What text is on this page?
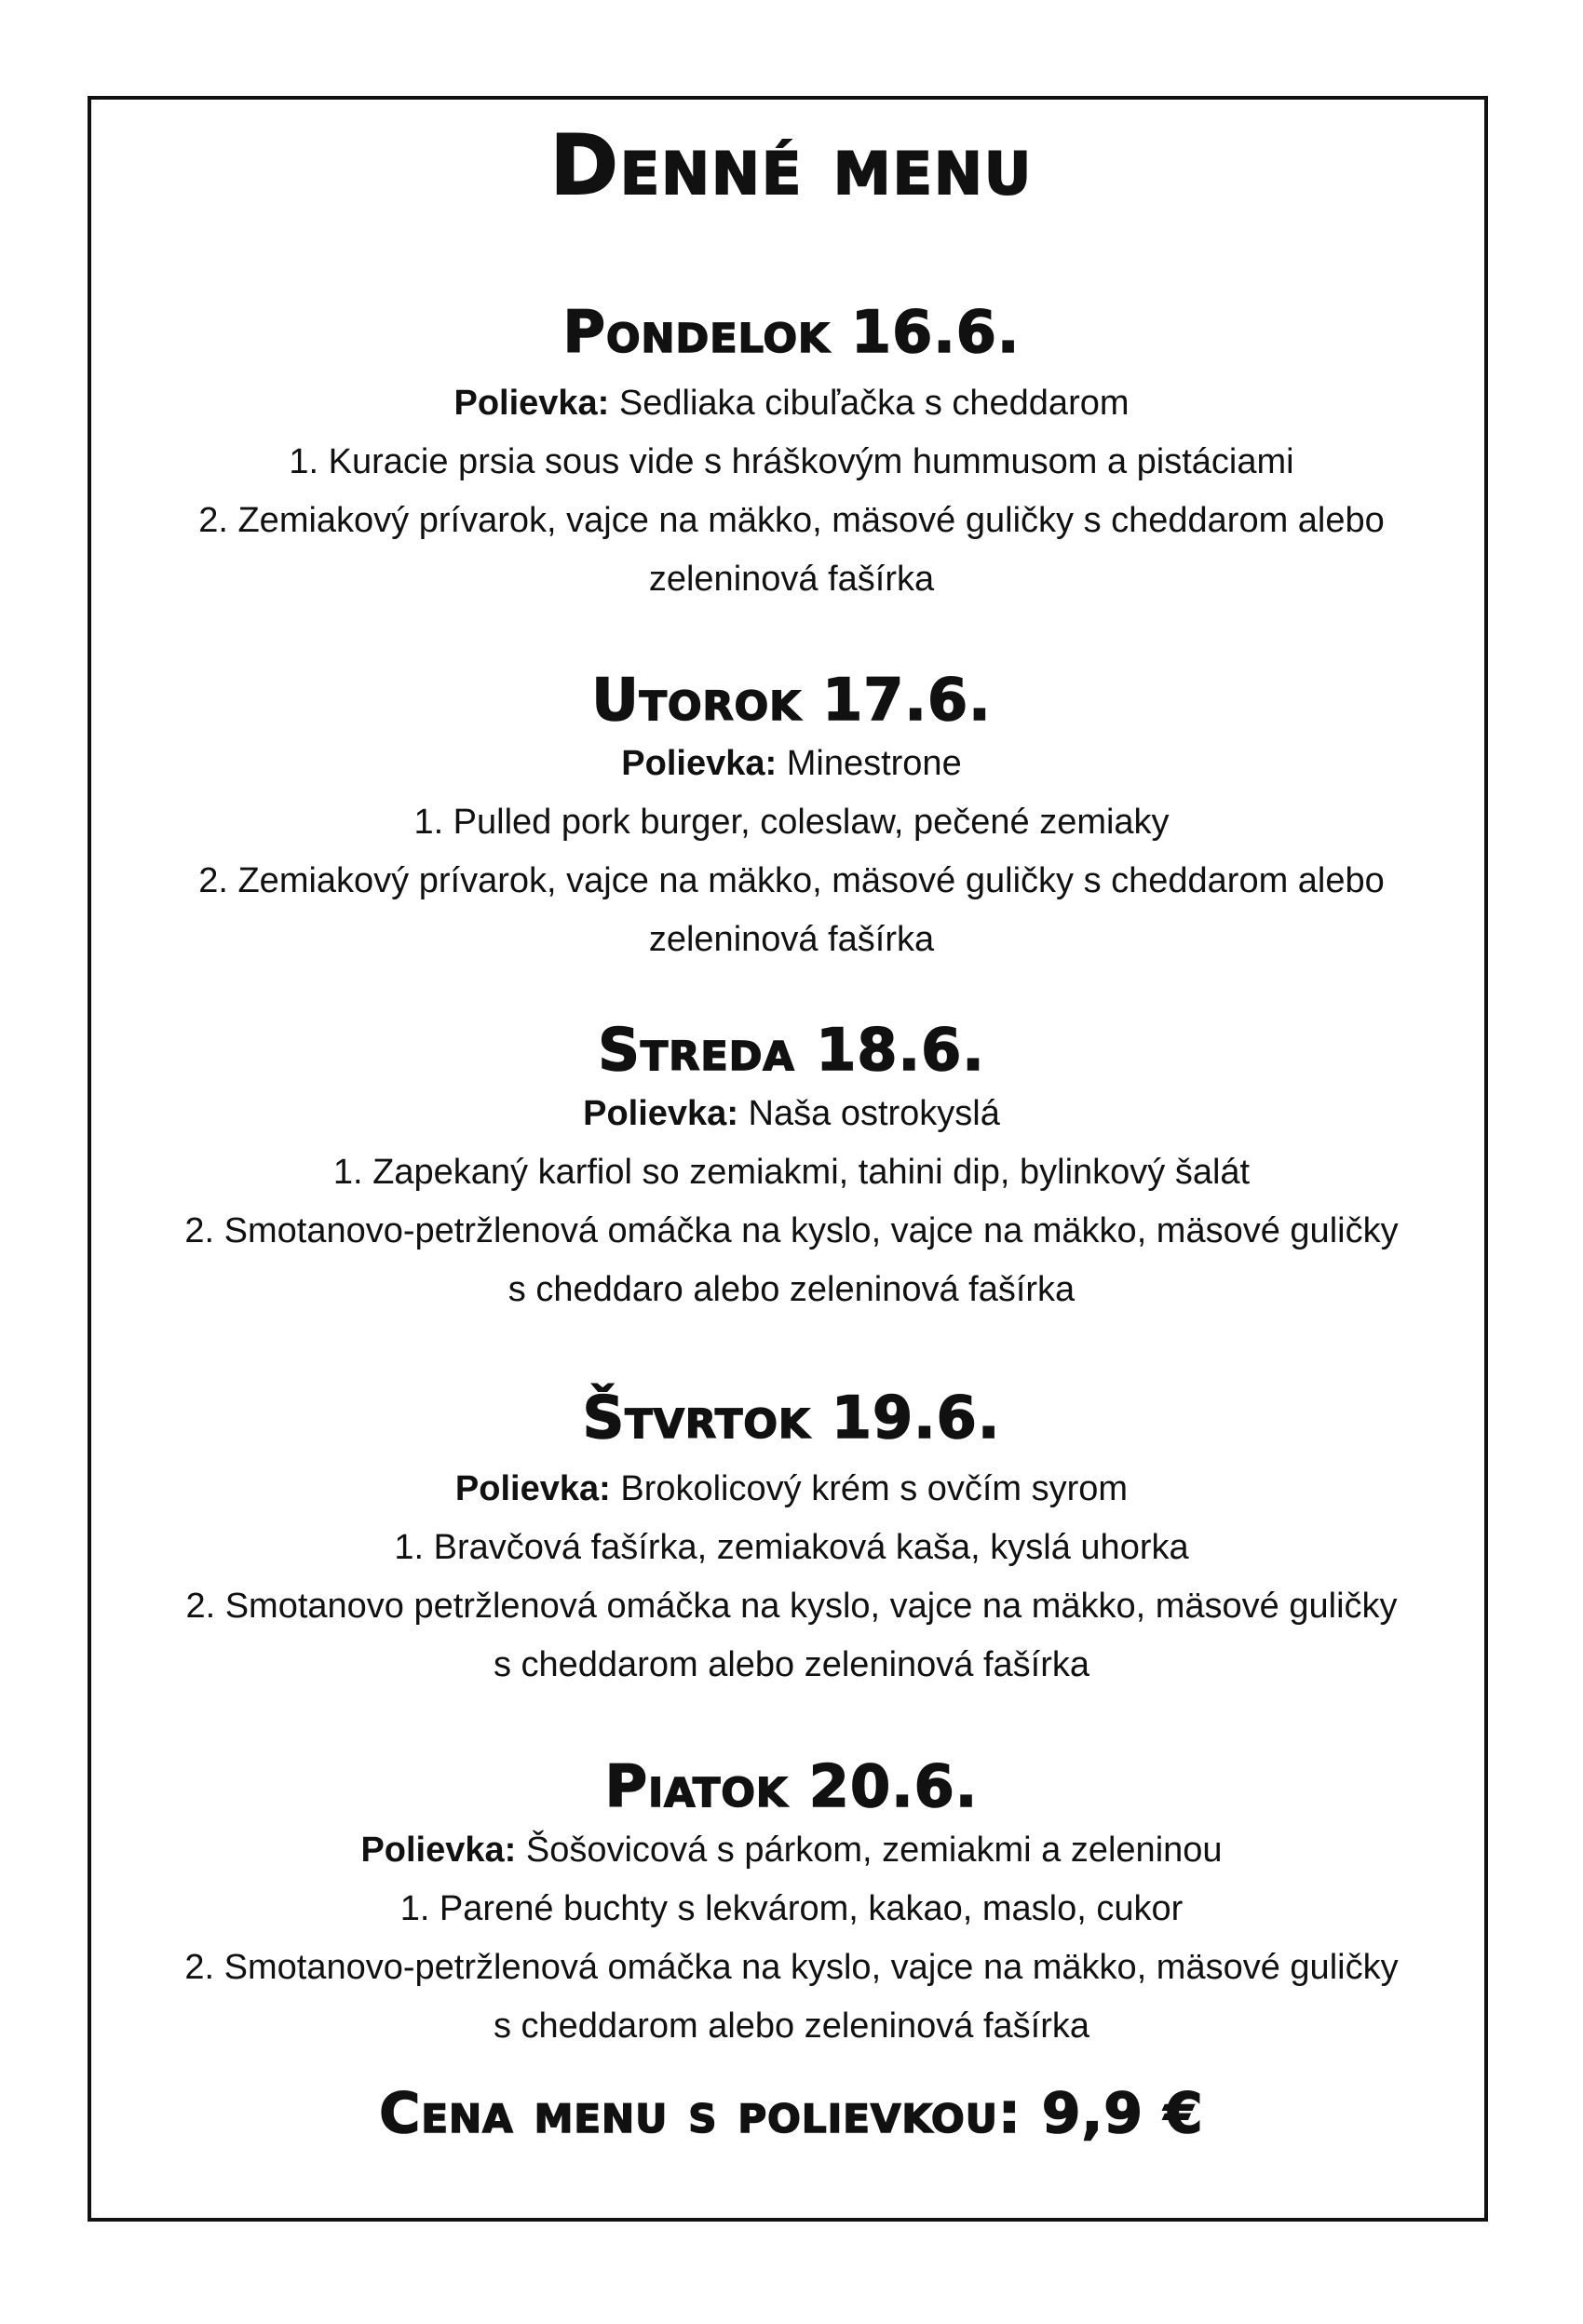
Denné menu
Pondelok 16.6.

Polievka: Sedliaka cibuľačka s cheddarom

1. Kuracie prsia sous vide s hráškovým hummusom a pistáciami

2. Zemiakový prívarok, vajce na mäkko, mäsové guličky s cheddarom alebo

zeleninová fašírka

Utorok 17.6.

Polievka: Minestrone

1. Pulled pork burger, coleslaw, pečené zemiaky

2. Zemiakový prívarok, vajce na mäkko, mäsové guličky s cheddarom alebo

zeleninová fašírka

Streda 18.6.

Polievka: Naša ostrokyslá

1. Zapekaný karfiol so zemiakmi, tahini dip, bylinkový šalát

2. Smotanovo-petržlenová omáčka na kyslo, vajce na mäkko, mäsové guličky

s cheddaro alebo zeleninová fašírka

Štvrtok 19.6.

Polievka: Brokolicový krém s ovčím syrom

1. Bravčová fašírka, zemiaková kaša, kyslá uhorka

2. Smotanovo petržlenová omáčka na kyslo, vajce na mäkko, mäsové guličky

s cheddarom alebo zeleninová fašírka

Piatok 20.6.

Polievka: Šošovicová s párkom, zemiakmi a zeleninou

1. Parené buchty s lekvárom, kakao, maslo, cukor

2. Smotanovo-petržlenová omáčka na kyslo, vajce na mäkko, mäsové guličky

s cheddarom alebo zeleninová fašírka

Cena menu s polievkou: 9,9 €
